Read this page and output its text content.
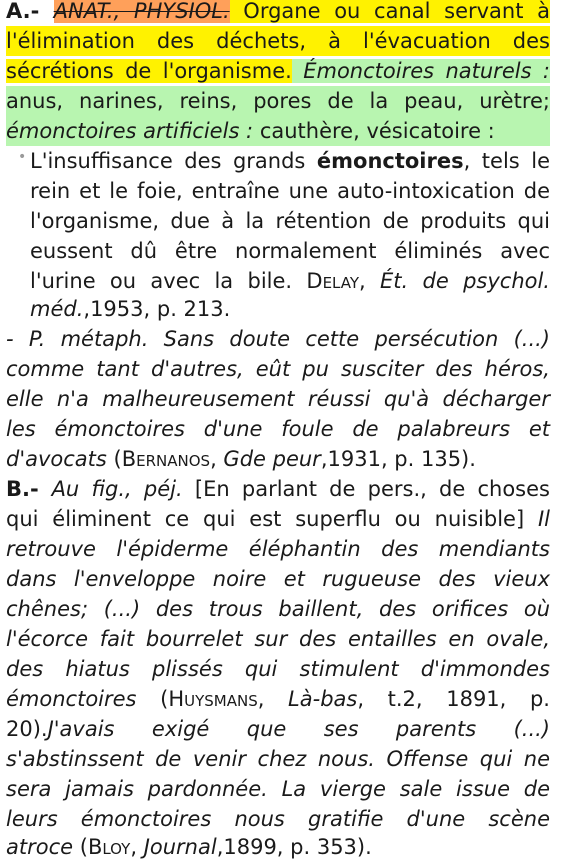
A.- ANAT., PHYSIOL. Organe ou canal servant à
l'élimination des déchets, à l'évacuation des
sécrétions de l'organisme. Émonctoires naturels :
anus, narines, reins, pores de la peau, urètre;
émonctoires artificiels : cauthère, vésicatoire :
• L'insuffisance des grands émonctoires, tels le
rein et le foie, entraîne une auto-intoxication de
l'organisme, due à la rétention de produits qui
eussent dû être normalement éliminés avec
l'urine ou avec la bile. Delay, Ét. de psychol.
méd.,1953, p. 213.
- P. métaph. Sans doute cette persécution (...)
comme tant d'autres, eût pu susciter des héros,
elle n'a malheureusement réussi qu'à décharger
les émonctoires d'une foule de palabreurs et
d'avocats (Bernanos, Gde peur,1931, p. 135).
B.- Au fig., péj. [En parlant de pers., de choses
qui éliminent ce qui est superflu ou nuisible] Il
retrouve l'épiderme éléphantin des mendiants
dans l'enveloppe noire et rugueuse des vieux
chênes; (...) des trous baillent, des orifices où
l'écorce fait bourrelet sur des entailles en ovale,
des hiatus plissés qui stimulent d'immondes
émonctoires (Huysmans, Là-bas, t.2, 1891, p.
20).J'avais exigé que ses parents (...)
s'abstinssent de venir chez nous. Offense qui ne
sera jamais pardonnée. La vierge sale issue de
leurs émonctoires nous gratifie d'une scène
atroce (Bloy, Journal,1899, p. 353).
